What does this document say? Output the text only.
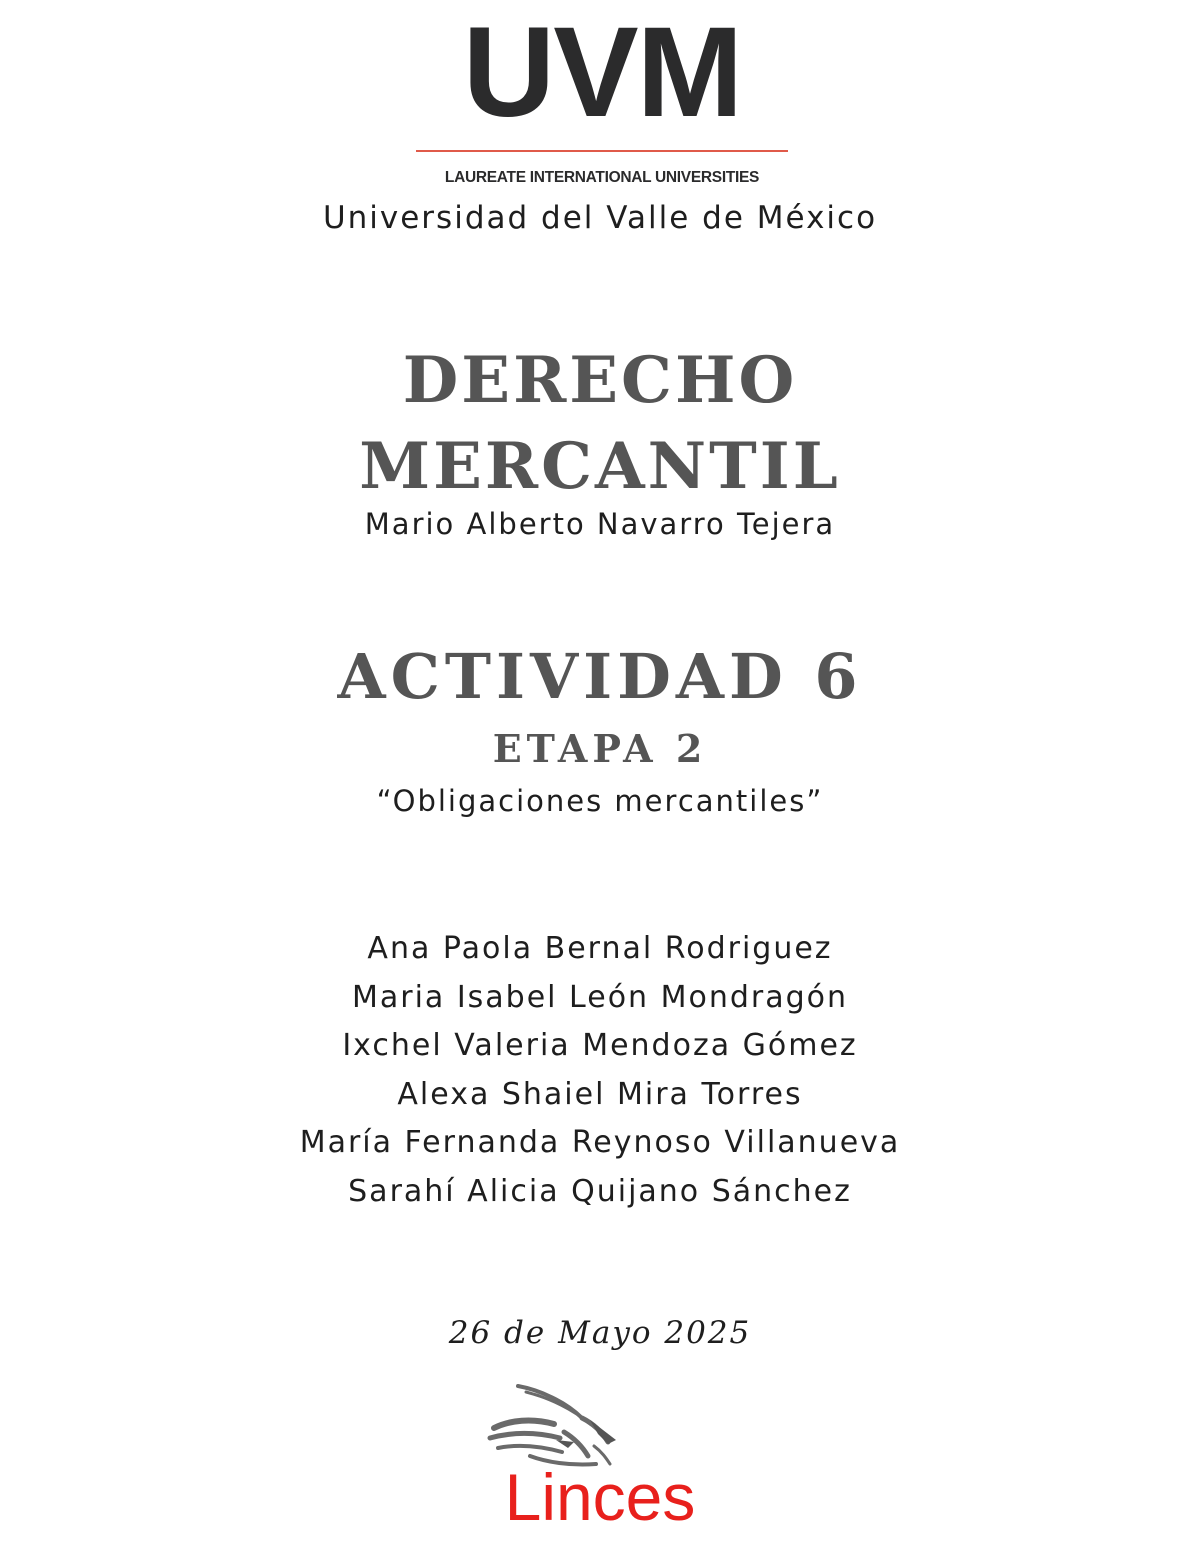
UVM
LAUREATE INTERNATIONAL UNIVERSITIES
Universidad del Valle de México
DERECHO
MERCANTIL
Mario Alberto Navarro Tejera
ACTIVIDAD 6
ETAPA 2
“Obligaciones mercantiles”
Ana Paola Bernal Rodriguez
Maria Isabel León Mondragón
Ixchel Valeria Mendoza Gómez
Alexa Shaiel Mira Torres
María Fernanda Reynoso Villanueva
Sarahí Alicia Quijano Sánchez
26 de Mayo 2025
Linces
